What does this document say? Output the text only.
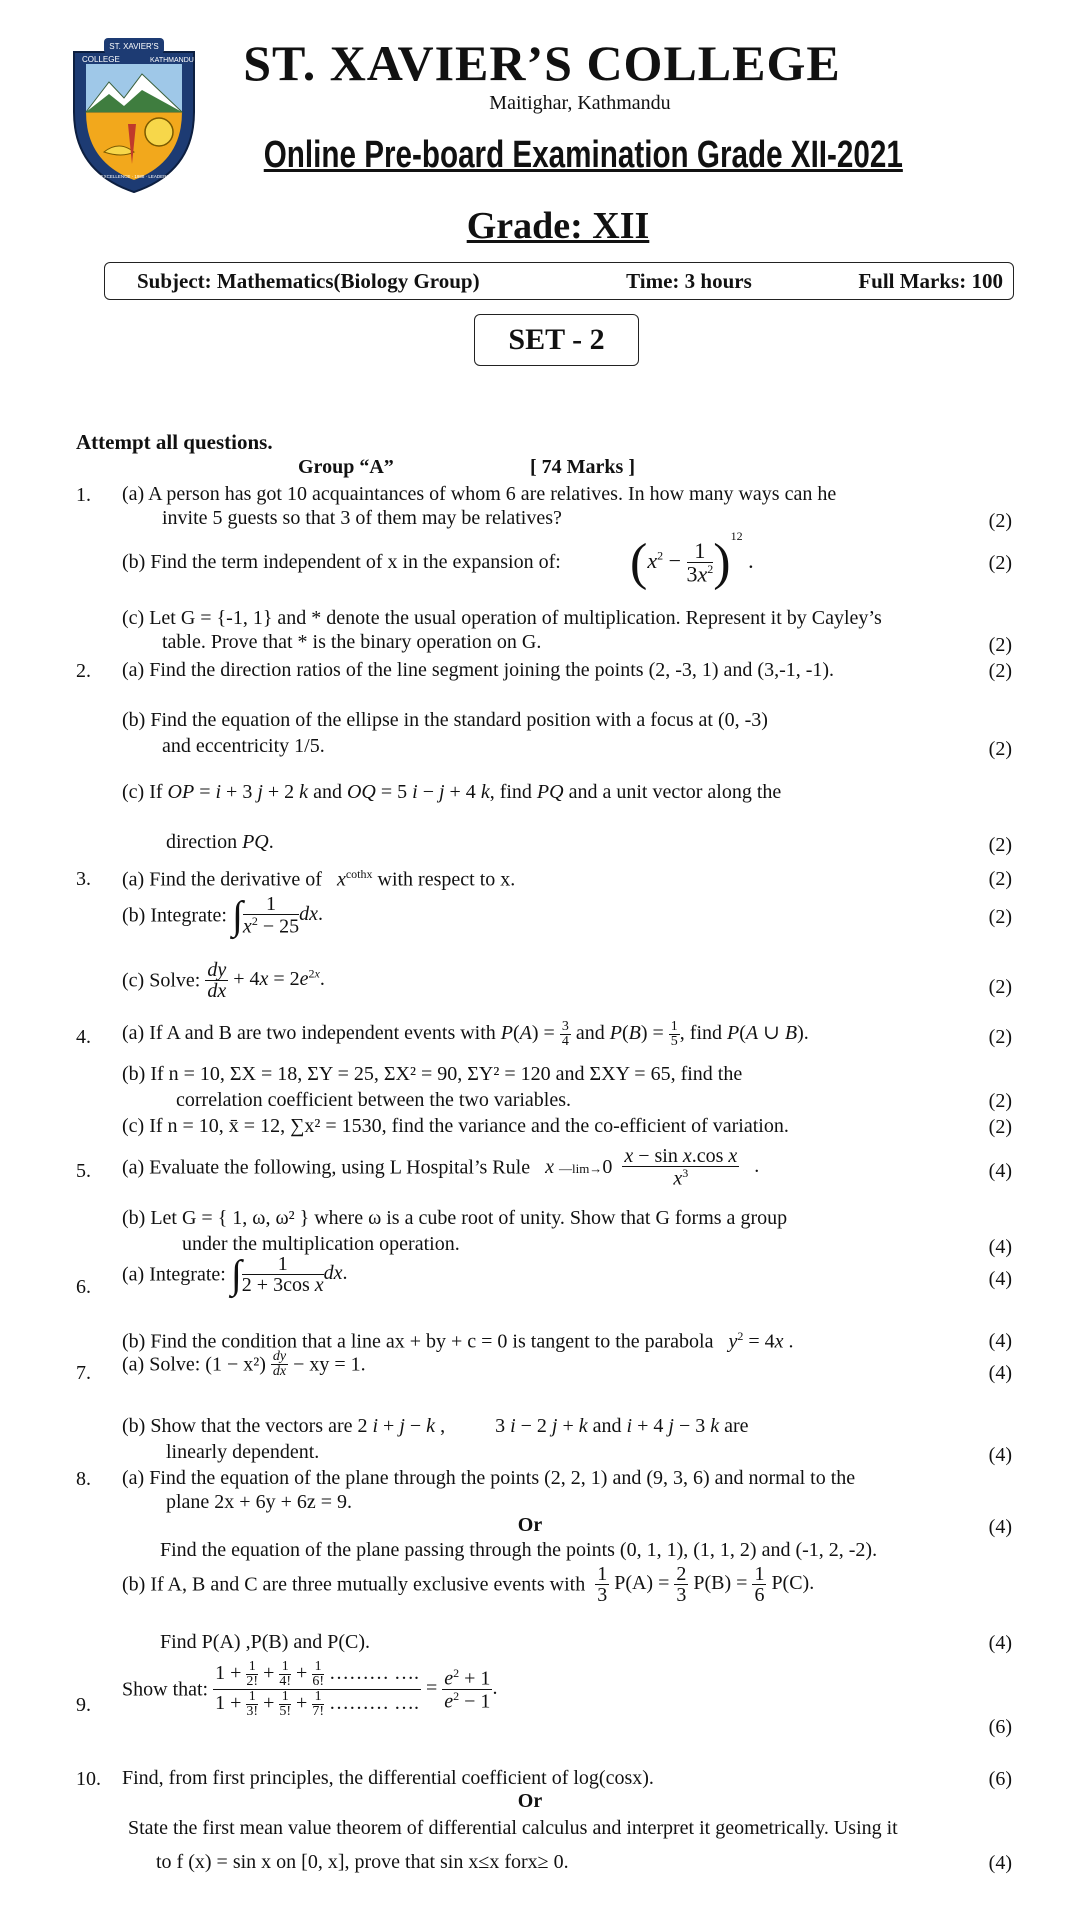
ST. XAVIER'S
COLLEGE	KATHMANDU
TRADITION OF EXCELLENCE · 1988 · LEADERSHIP · SERVICE
ST. XAVIER’S COLLEGE
Maitighar, Kathmandu
Online Pre-board Examination Grade XII-2021
Grade: XII
Subject: Mathematics(Biology Group)	Time: 3 hours	Full Marks: 100
SET - 2
Attempt all questions.
Group “A”	[ 74 Marks ]
1. (a) A person has got 10 acquaintances of whom 6 are relatives. In how many ways can he
invite 5 guests so that 3 of them may be relatives?	(2)
(b) Find the term independent of x in the expansion of: $(x^2 - \frac{1}{3x^2} )^{12}$ .	(2)
(c) Let G = {-1, 1} and * denote the usual operation of multiplication. Represent it by Cayley’s
table. Prove that * is the binary operation on G.	(2)
2. (a) Find the direction ratios of the line segment joining the points (2, -3, 1) and (3,-1, -1).	(2)
(b) Find the equation of the ellipse in the standard position with a focus at (0, -3)
and eccentricity 1/5.	(2)
(c) If OP = i + 3 j + 2 k and OQ = 5 i − j + 4 k, find PQ and a unit vector along the
direction PQ.	(2)
3. (a) Find the derivative of $x^{cothx}$ with respect to x.	(2)
(b) Integrate: ∫ $\frac{1}{x^2 - 25}$ dx.	(2)
(c) Solve: $\frac{dy}{dx} + 4x = 2e^{2x}$.	(2)
4. (a) If A and B are two independent events with $P(A) = \frac{3}{4}$ and $P(B) = \frac{1}{5}$ , find P(A ∪ B).	(2)
(b) If n = 10, ΣX = 18, ΣY = 25, ΣX² = 90, ΣY² = 120 and ΣXY = 65, find the
correlation coefficient between the two variables.	(2)
(c) If n = 10, x̄ = 12, ∑x² = 1530, find the variance and the co-efficient of variation.	(2)
5. (a) Evaluate the following, using L Hospital’s Rule x —lim→0 $\frac{\text{x − sin x.cos x}}{x^3}$ .	(4)
(b) Let G = { 1, ω, ω² } where ω is a cube root of unity. Show that G forms a group
under the multiplication operation.	(4)
6.
(a) Integrate: ∫ $\frac{1}{\text{2 + 3cos x}}$ dx.	(4)
(b) Find the condition that a line ax + by + c = 0 is tangent to the parabola $y^2 = 4x$ .	(4)
7. (a) Solve: $(1 - x^2) \frac{dy}{dx}$ − xy = 1.	(4)
(b) Show that the vectors are 2 i + j − k ,          3 i − 2 j + k and i + 4 j − 3 k are
linearly dependent.	(4)
8. (a) Find the equation of the plane through the points (2, 2, 1) and (9, 3, 6) and normal to the
plane 2x + 6y + 6z = 9.
Or	(4)
Find the equation of the plane passing through the points (0, 1, 1), (1, 1, 2) and (-1, 2, -2).
(b) If A, B and C are three mutually exclusive events with $\frac{1}{3} P(A) = \frac{2}{3} P(B) = \frac{1}{6} P(C)$.
Find P(A) ,P(B) and P(C).	(4)
9.
Show that: $\frac{1 + \frac{1}{2!} + \frac{1}{4!} + \frac{1}{6!} \dots\dots\dots \dots.}{1 + \frac{1}{3!} + \frac{1}{5!} + \frac{1}{7!} \dots\dots\dots \dots.} = \frac{e^2 + 1}{e^2 - 1}$ .
(6)
10. Find, from first principles, the differential coefficient of log(cosx).	(6)
Or
State the first mean value theorem of differential calculus and interpret it geometrically. Using it
to f (x) = sin x on [0, x], prove that sin x≤x forx≥ 0.	(4)
